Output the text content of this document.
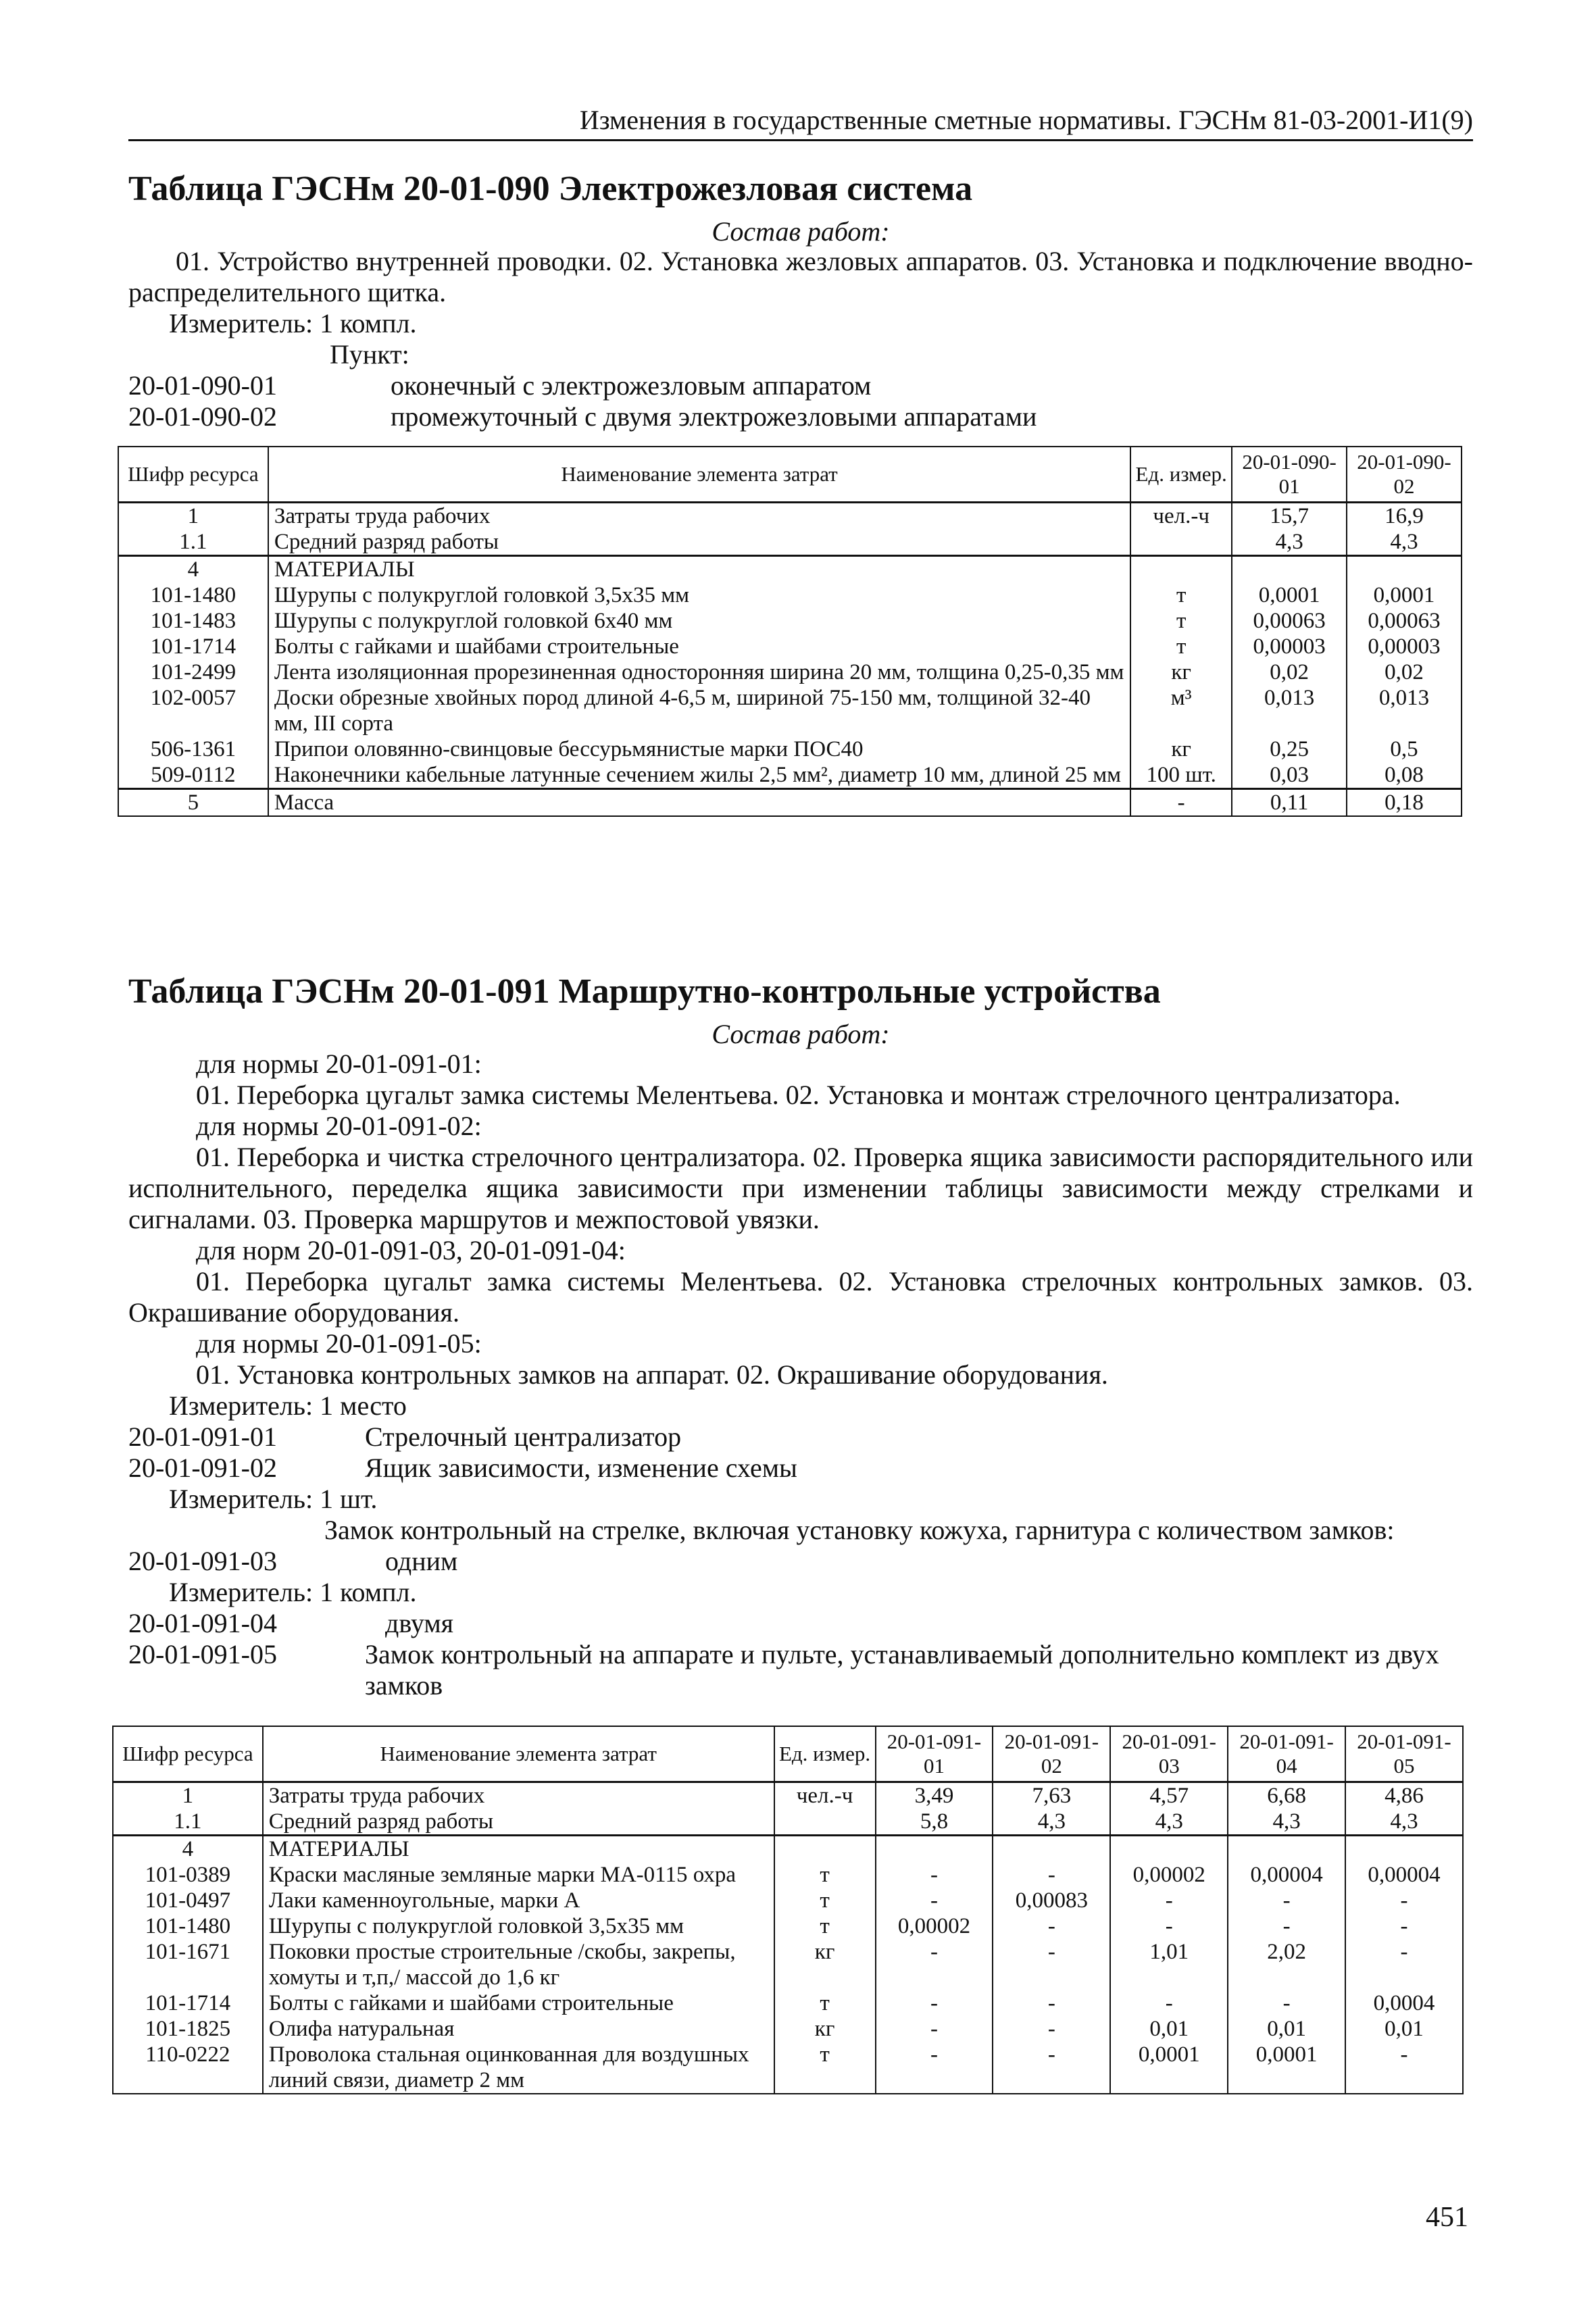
Изменения в государственные сметные нормативы. ГЭСНм 81-03-2001-И1(9)
Таблица ГЭСНм 20-01-090 Электрожезловая система
Состав работ:
01. Устройство внутренней проводки. 02. Установка жезловых аппаратов. 03. Установка и подключение вводно-распределительного щитка.
Измеритель: 1 компл.
Пункт:
20-01-090-01	оконечный с электрожезловым аппаратом
20-01-090-02	промежуточный с двумя электрожезловыми аппаратами
Шифр ресурса	Наименование элемента затрат	Ед. измер.	20-01-090-01	20-01-090-02
1	Затраты труда рабочих	чел.-ч	15,7	16,9
1.1	Средний разряд работы		4,3	4,3
4	МАТЕРИАЛЫ			
101-1480	Шурупы с полукруглой головкой 3,5х35 мм	т	0,0001	0,0001
101-1483	Шурупы с полукруглой головкой 6х40 мм	т	0,00063	0,00063
101-1714	Болты с гайками и шайбами строительные	т	0,00003	0,00003
101-2499	Лента изоляционная прорезиненная односторонняя ширина 20 мм, толщина 0,25-0,35 мм	кг	0,02	0,02
102-0057	Доски обрезные хвойных пород длиной 4-6,5 м, шириной 75-150 мм, толщиной 32-40 мм, III сорта	м³	0,013	0,013
506-1361	Припои оловянно-свинцовые бессурьмянистые марки ПОС40	кг	0,25	0,5
509-0112	Наконечники кабельные латунные сечением жилы 2,5 мм², диаметр 10 мм, длиной 25 мм	100 шт.	0,03	0,08
5	Масса	-	0,11	0,18
Таблица ГЭСНм 20-01-091 Маршрутно-контрольные устройства
Состав работ:
для нормы 20-01-091-01:
01. Переборка цугальт замка системы Мелентьева. 02. Установка и монтаж стрелочного централизатора.
для нормы 20-01-091-02:
01. Переборка и чистка стрелочного централизатора. 02. Проверка ящика зависимости распорядительного или исполнительного, переделка ящика зависимости при изменении таблицы зависимости между стрелками и сигналами. 03. Проверка маршрутов и межпостовой увязки.
для норм 20-01-091-03, 20-01-091-04:
01. Переборка цугальт замка системы Мелентьева. 02. Установка стрелочных контрольных замков. 03. Окрашивание оборудования.
для нормы 20-01-091-05:
01. Установка контрольных замков на аппарат. 02. Окрашивание оборудования.
Измеритель: 1 место
20-01-091-01	Стрелочный централизатор
20-01-091-02	Ящик зависимости, изменение схемы
Измеритель: 1 шт.
Замок контрольный на стрелке, включая установку кожуха, гарнитура с количеством замков:
20-01-091-03	одним
Измеритель: 1 компл.
20-01-091-04	двумя
20-01-091-05	Замок контрольный на аппарате и пульте, устанавливаемый дополнительно комплект из двух замков
Шифр ресурса	Наименование элемента затрат	Ед. измер.	20-01-091-01	20-01-091-02	20-01-091-03	20-01-091-04	20-01-091-05
1	Затраты труда рабочих	чел.-ч	3,49	7,63	4,57	6,68	4,86
1.1	Средний разряд работы		5,8	4,3	4,3	4,3	4,3
4	МАТЕРИАЛЫ						
101-0389	Краски масляные земляные марки МА-0115 охра	т	-	-	0,00002	0,00004	0,00004
101-0497	Лаки каменноугольные, марки А	т	-	0,00083	-	-	-
101-1480	Шурупы с полукруглой головкой 3,5х35 мм	т	0,00002	-	-	-	-
101-1671	Поковки простые строительные /скобы, закрепы, хомуты и т,п,/ массой до 1,6 кг	кг	-	-	1,01	2,02	-
101-1714	Болты с гайками и шайбами строительные	т	-	-	-	-	0,0004
101-1825	Олифа натуральная	кг	-	-	0,01	0,01	0,01
110-0222	Проволока стальная оцинкованная для воздушных линий связи, диаметр 2 мм	т	-	-	0,0001	0,0001	-
451
